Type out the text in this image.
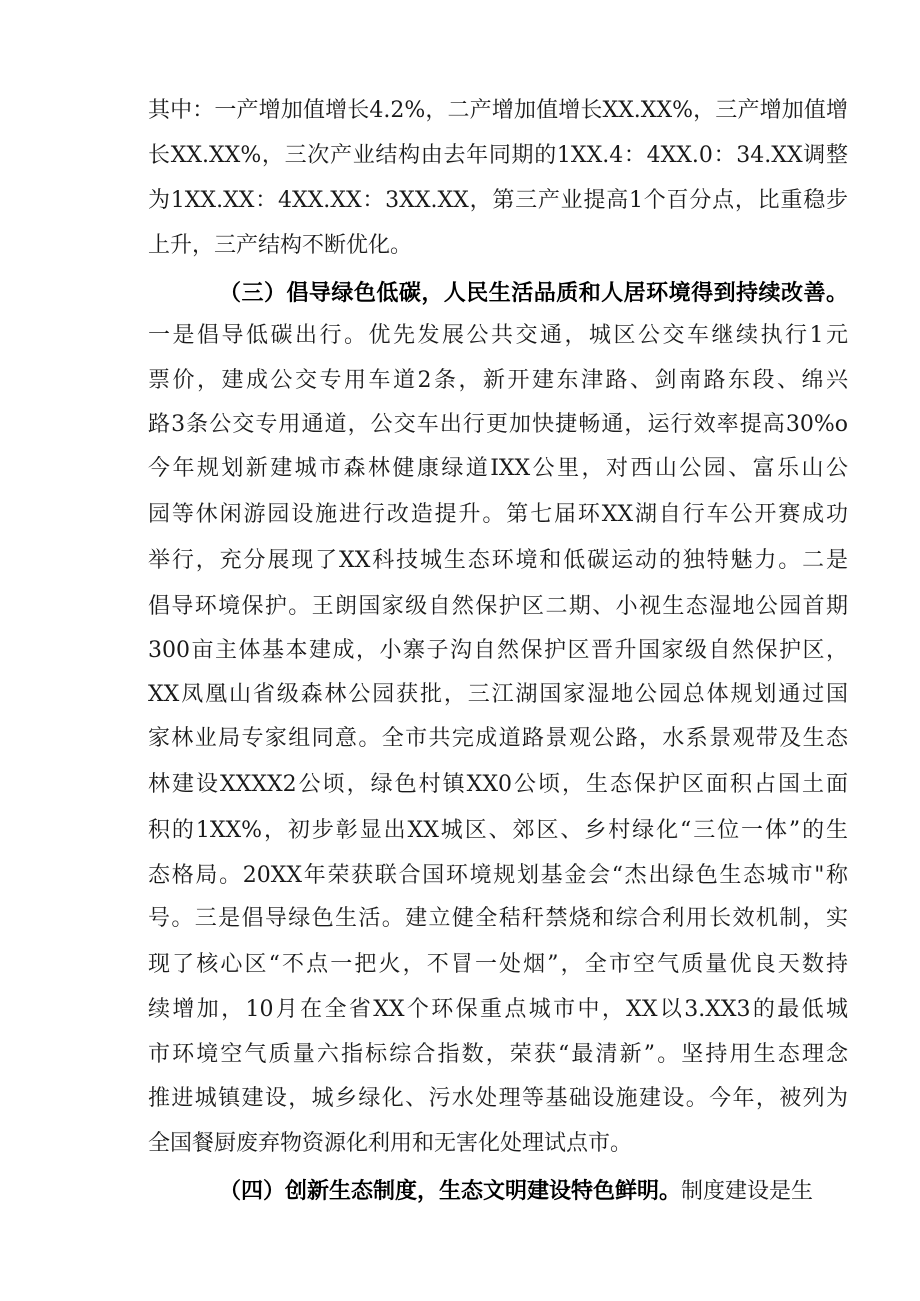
其中：一产增加值增长4.2%，二产增加值增长XX.XX%，三产增加值增
长XX.XX%，三次产业结构由去年同期的1XX.4：4XX.0：34.XX调整
为1XX.XX：4XX.XX：3XX.XX，第三产业提高1个百分点，比重稳步
上升，三产结构不断优化。
（三）倡导绿色低碳，人民生活品质和人居环境得到持续改善。
一是倡导低碳出行。优先发展公共交通，城区公交车继续执行1元
票价，建成公交专用车道2条，新开建东津路、剑南路东段、绵兴
路3条公交专用通道，公交车出行更加快捷畅通，运行效率提高30%o
今年规划新建城市森林健康绿道IXX公里，对西山公园、富乐山公
园等休闲游园设施进行改造提升。第七届环XX湖自行车公开赛成功
举行，充分展现了XX科技城生态环境和低碳运动的独特魅力。二是
倡导环境保护。王朗国家级自然保护区二期、小视生态湿地公园首期
300亩主体基本建成，小寨子沟自然保护区晋升国家级自然保护区，
XX凤凰山省级森林公园获批，三江湖国家湿地公园总体规划通过国
家林业局专家组同意。全市共完成道路景观公路，水系景观带及生态
林建设XXXX2公顷，绿色村镇XX0公顷，生态保护区面积占国土面
积的1XX%，初步彰显出XX城区、郊区、乡村绿化“三位一体”的生
态格局。20XX年荣获联合国环境规划基金会“杰出绿色生态城市"称
号。三是倡导绿色生活。建立健全秸秆禁烧和综合利用长效机制，实
现了核心区“不点一把火，不冒一处烟”，全市空气质量优良天数持
续增加，10月在全省XX个环保重点城市中，XX以3.XX3的最低城
市环境空气质量六指标综合指数，荣获“最清新”。坚持用生态理念
推进城镇建设，城乡绿化、污水处理等基础设施建设。今年，被列为
全国餐厨废弃物资源化利用和无害化处理试点市。
（四）创新生态制度，生态文明建设特色鲜明。制度建设是生
